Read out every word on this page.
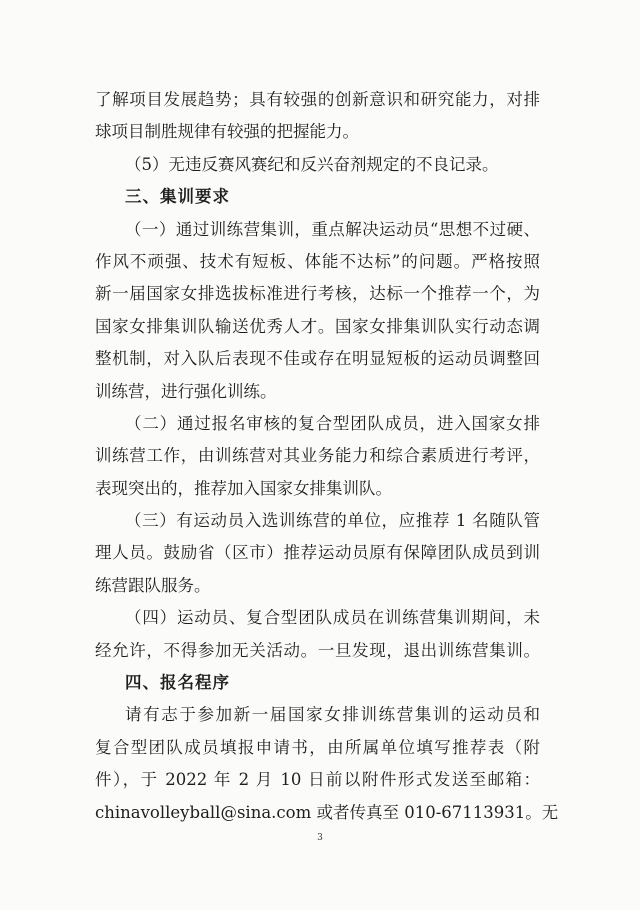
了解项目发展趋势；具有较强的创新意识和研究能力，对排
球项目制胜规律有较强的把握能力。
（5）无违反赛风赛纪和反兴奋剂规定的不良记录。
三、集训要求
（一）通过训练营集训，重点解决运动员“思想不过硬、
作风不顽强、技术有短板、体能不达标”的问题。严格按照
新一届国家女排选拔标准进行考核，达标一个推荐一个，为
国家女排集训队输送优秀人才。国家女排集训队实行动态调
整机制，对入队后表现不佳或存在明显短板的运动员调整回
训练营，进行强化训练。
（二）通过报名审核的复合型团队成员，进入国家女排
训练营工作，由训练营对其业务能力和综合素质进行考评，
表现突出的，推荐加入国家女排集训队。
（三）有运动员入选训练营的单位，应推荐 1 名随队管
理人员。鼓励省（区市）推荐运动员原有保障团队成员到训
练营跟队服务。
（四）运动员、复合型团队成员在训练营集训期间，未
经允许，不得参加无关活动。一旦发现，退出训练营集训。
四、报名程序
请有志于参加新一届国家女排训练营集训的运动员和
复合型团队成员填报申请书，由所属单位填写推荐表（附
件），于 2022 年 2 月 10 日前以附件形式发送至邮箱：
chinavolleyball@sina.com 或者传真至 010-67113931。无
3
